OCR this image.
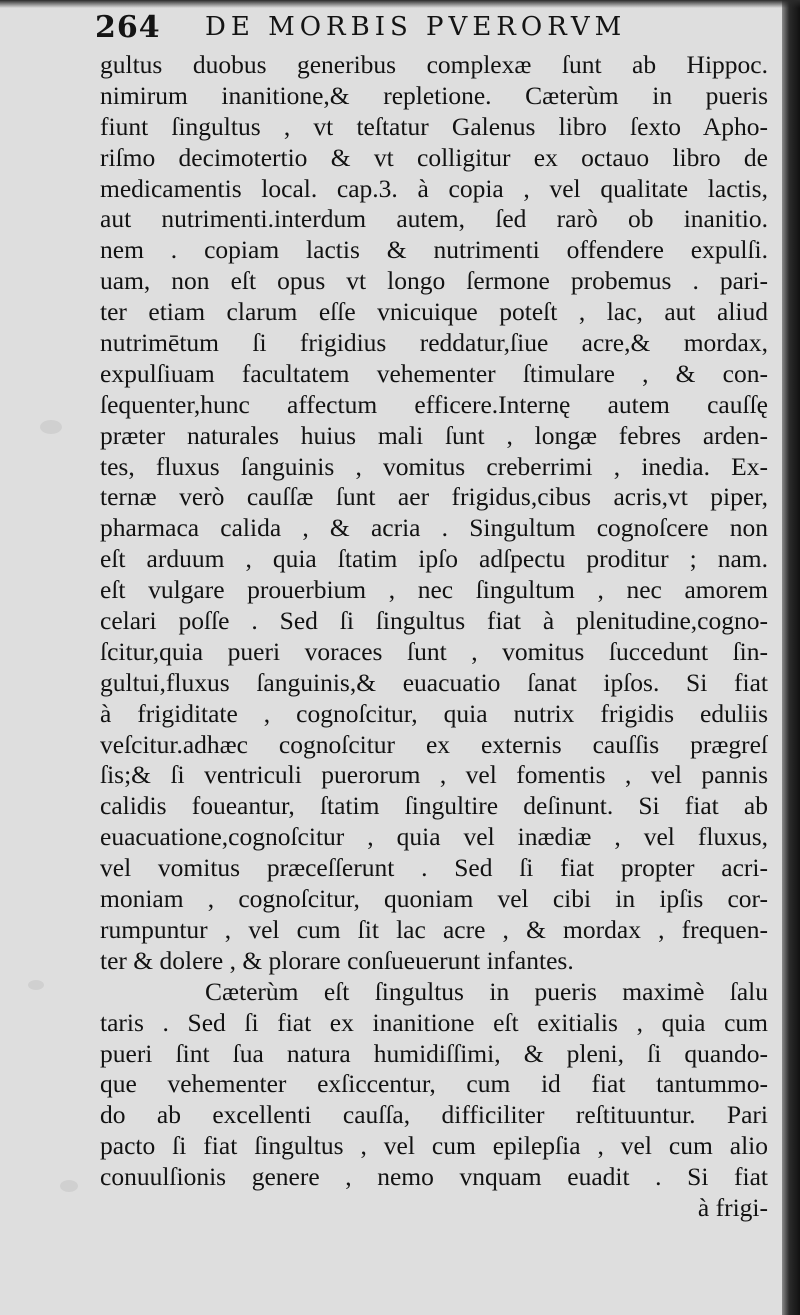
264 DE MORBIS PVERORVM
gultus duobus generibus complexæ ſunt ab Hippoc.
nimirum inanitione,& repletione. Cæterùm in pueris
fiunt ſingultus , vt teſtatur Galenus libro ſexto Apho-
riſmo decimotertio & vt colligitur ex octauo libro de
medicamentis local. cap.3. à copia , vel qualitate lactis,
aut nutrimenti.interdum autem, ſed rarò ob inanitio.
nem . copiam lactis & nutrimenti offendere expulſi.
uam, non eſt opus vt longo ſermone probemus . pari-
ter etiam clarum eſſe vnicuique poteſt , lac, aut aliud
nutrimētum ſi frigidius reddatur,ſiue acre,& mordax,
expulſiuam facultatem vehementer ſtimulare , & con-
ſequenter,hunc affectum efficere.Internę autem cauſſę
præter naturales huius mali ſunt , longæ febres arden-
tes, fluxus ſanguinis , vomitus creberrimi , inedia. Ex-
ternæ verò cauſſæ ſunt aer frigidus,cibus acris,vt piper,
pharmaca calida , & acria . Singultum cognoſcere non
eſt arduum , quia ſtatim ipſo adſpectu proditur ; nam.
eſt vulgare prouerbium , nec ſingultum , nec amorem
celari poſſe . Sed ſi ſingultus fiat à plenitudine,cogno-
ſcitur,quia pueri voraces ſunt , vomitus ſuccedunt ſin-
gultui,fluxus ſanguinis,& euacuatio ſanat ipſos. Si fiat
à frigiditate , cognoſcitur, quia nutrix frigidis eduliis
veſcitur.adhæc cognoſcitur ex externis cauſſis prægreſ
ſis;& ſi ventriculi puerorum , vel fomentis , vel pannis
calidis foueantur, ſtatim ſingultire deſinunt. Si fiat ab
euacuatione,cognoſcitur , quia vel inædiæ , vel fluxus,
vel vomitus præceſſerunt . Sed ſi fiat propter acri-
moniam , cognoſcitur, quoniam vel cibi in ipſis cor-
rumpuntur , vel cum ſit lac acre , & mordax , frequen-
ter & dolere , & plorare conſueuerunt infantes.
Cæterùm eſt ſingultus in pueris maximè ſalu
taris . Sed ſi fiat ex inanitione eſt exitialis , quia cum
pueri ſint ſua natura humidiſſimi, & pleni, ſi quando-
que vehementer exſiccentur, cum id fiat tantummo-
do ab excellenti cauſſa, difficiliter reſtituuntur. Pari
pacto ſi fiat ſingultus , vel cum epilepſia , vel cum alio
conuulſionis genere , nemo vnquam euadit . Si fiat
à frigi-
